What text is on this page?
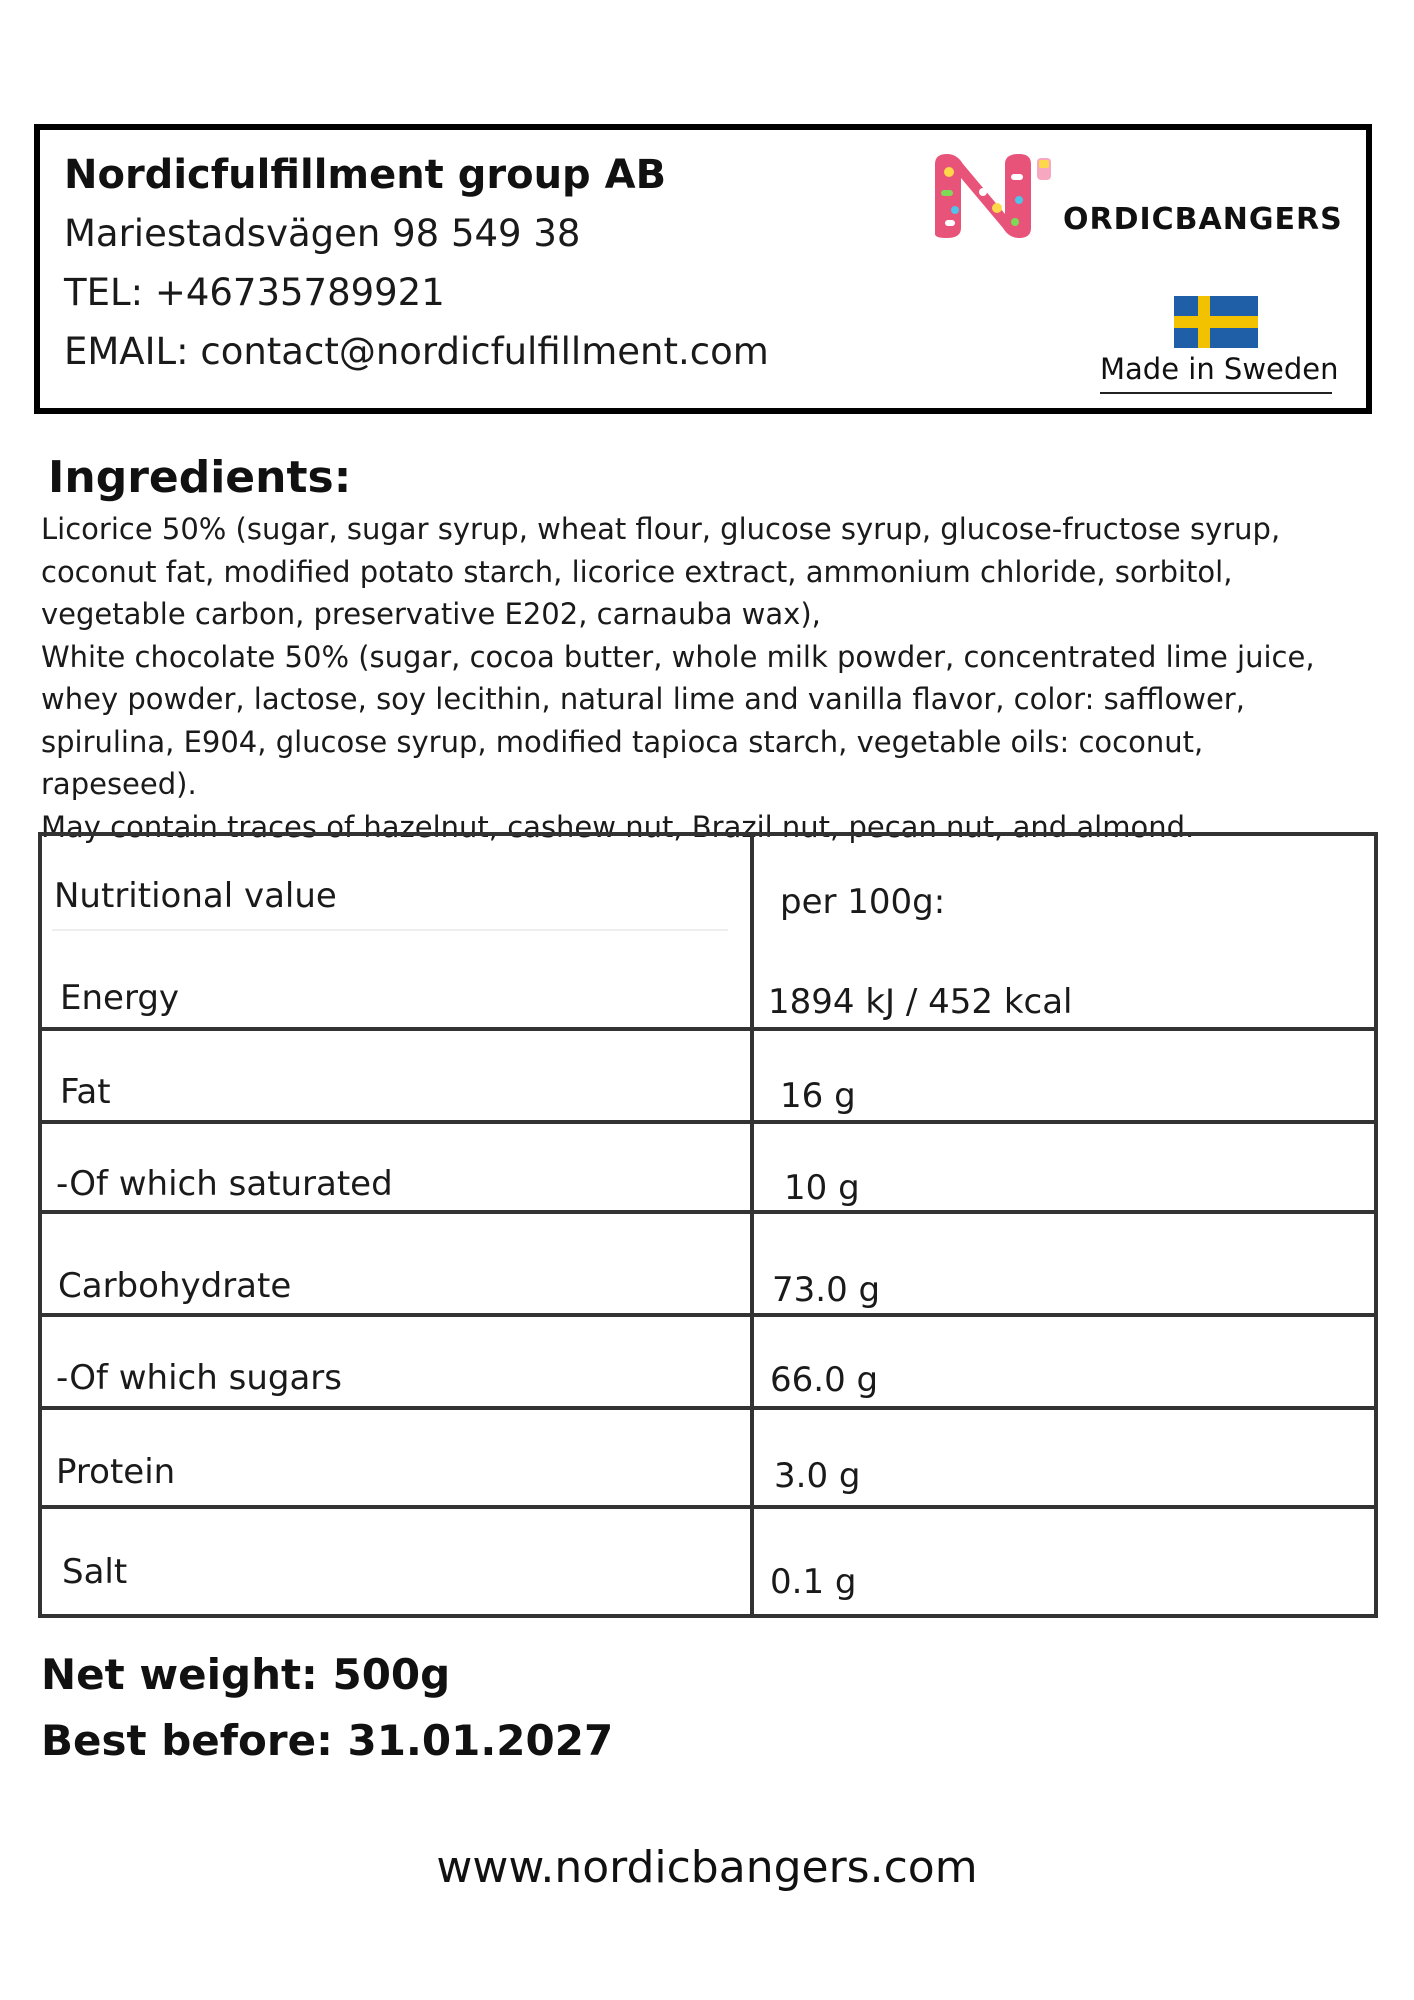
Nordicfulfillment group AB
Mariestadsvägen 98 549 38
TEL: +46735789921
EMAIL: contact@nordicfulfillment.com
ORDICBANGERS
Made in Sweden
Ingredients:

Licorice 50% (sugar, sugar syrup, wheat flour, glucose syrup, glucose-fructose syrup, coconut fat, modified potato starch, licorice extract, ammonium chloride, sorbitol, vegetable carbon, preservative E202, carnauba wax),

White chocolate 50% (sugar, cocoa butter, whole milk powder, concentrated lime juice, whey powder, lactose, soy lecithin, natural lime and vanilla flavor, color: safflower, spirulina, E904, glucose syrup, modified tapioca starch, vegetable oils: coconut, rapeseed).

May contain traces of hazelnut, cashew nut, Brazil nut, pecan nut, and almond.

Nutritional value	per 100g:
Energy	1894 kJ / 452 kcal
Fat	16 g
-Of which saturated	10 g
Carbohydrate	73.0 g
-Of which sugars	66.0 g
Protein	3.0 g
Salt	0.1 g
Net weight: 500g
Best before: 31.01.2027
www.nordicbangers.com
